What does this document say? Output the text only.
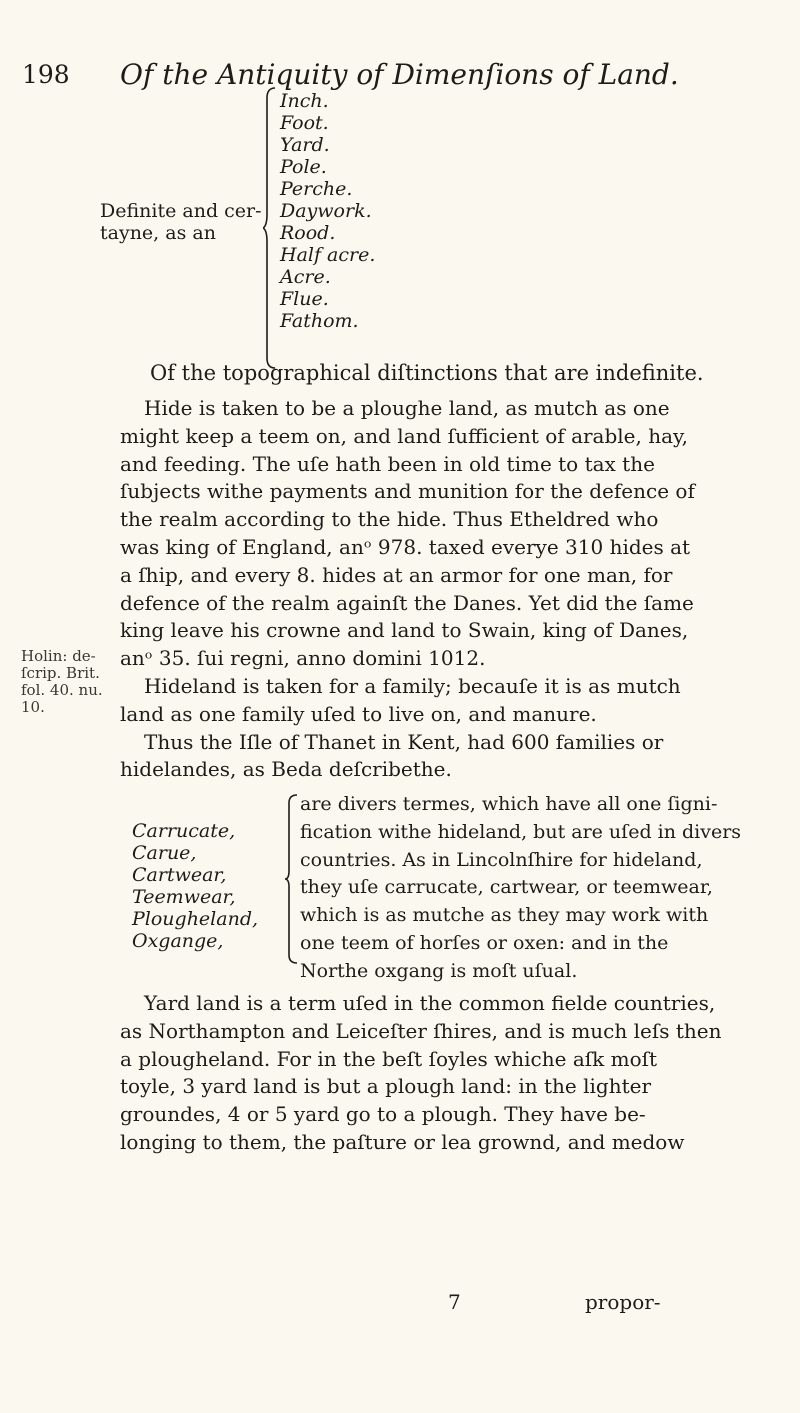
198 Of the Antiquity of Dimenſions of Land.
Definite and cer-
tayne, as an
Inch.
Foot.
Yard.
Pole.
Perche.
Daywork.
Rood.
Half acre.
Acre.
Flue.
Fathom.
Of the topographical diſtinctions that are indefinite.
Hide is taken to be a ploughe land, as mutch as one
might keep a teem on, and land ſufficient of arable, hay,
and feeding. The uſe hath been in old time to tax the
ſubjects withe payments and munition for the defence of
the realm according to the hide. Thus Etheldred who
was king of England, anᵒ 978. taxed everye 310 hides at
a ſhip, and every 8. hides at an armor for one man, for
defence of the realm againſt the Danes. Yet did the ſame
king leave his crowne and land to Swain, king of Danes,
anᵒ 35. ſui regni, anno domini 1012.
Hideland is taken for a family; becauſe it is as mutch
land as one family uſed to live on, and manure.
Thus the Iſle of Thanet in Kent, had 600 families or
hidelandes, as Beda deſcribethe.
Holin: de-
ſcrip. Brit.
fol. 40. nu.
10.
Carrucate,
Carue,
Cartwear,
Teemwear,
Plougheland,
Oxgange,
are divers termes, which have all one ſigni-
fication withe hideland, but are uſed in divers
countries. As in Lincolnſhire for hideland,
they uſe carrucate, cartwear, or teemwear,
which is as mutche as they may work with
one teem of horſes or oxen: and in the
Northe oxgang is moſt uſual.
Yard land is a term uſed in the common fielde countries,
as Northampton and Leiceſter ſhires, and is much leſs then
a plougheland. For in the beſt ſoyles whiche aſk moſt
toyle, 3 yard land is but a plough land: in the lighter
groundes, 4 or 5 yard go to a plough. They have be-
longing to them, the paſture or lea grownd, and medow
7	propor-
